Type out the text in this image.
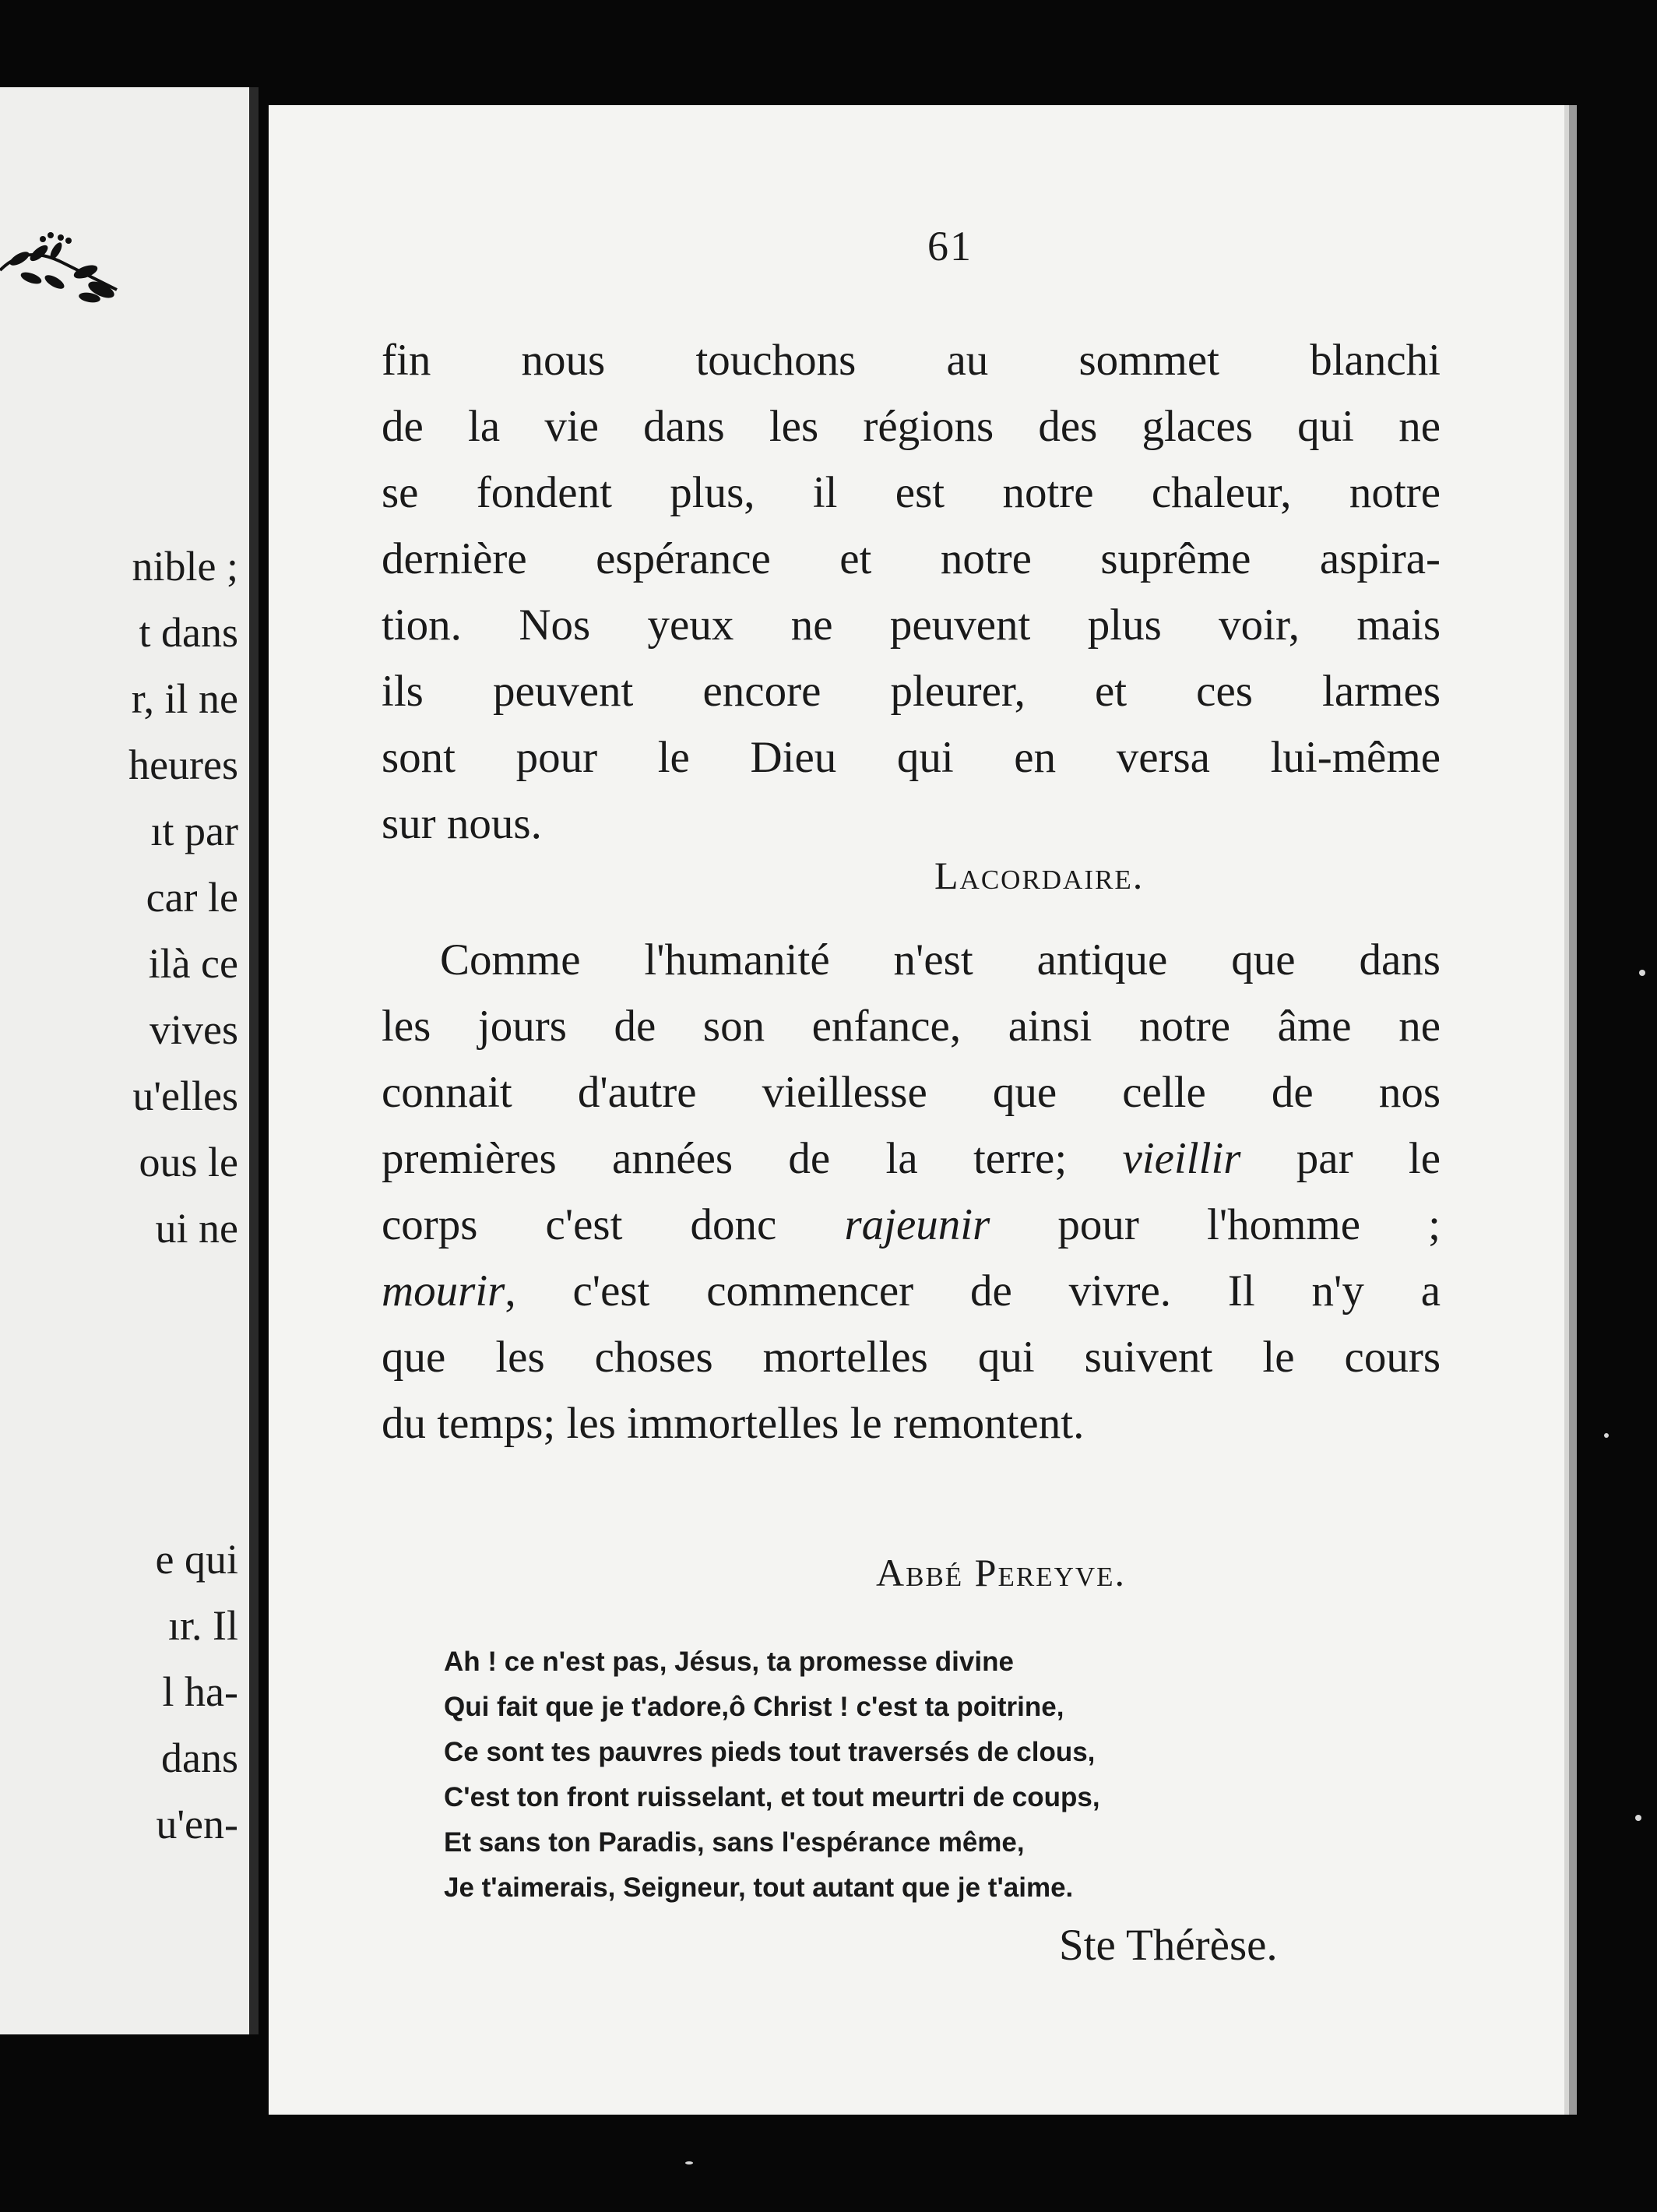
nible ;
t dans
r, il ne
heures
ıt par
car le
ilà ce
vives
u'elles
ous le
ui ne
e qui
ır. Il
l ha-
dans
u'en-
61
fin nous touchons au sommet blanchi
de la vie dans les régions des glaces qui ne
se fondent plus, il est notre chaleur, notre
dernière espérance et notre suprême aspira-
tion. Nos yeux ne peuvent plus voir, mais
ils peuvent encore pleurer, et ces larmes
sont pour le Dieu qui en versa lui-même
sur nous.
Lacordaire.
Comme l'humanité n'est antique que dans
les jours de son enfance, ainsi notre âme ne
connait d'autre vieillesse que celle de nos
premières années de la terre; vieillir par le
corps c'est donc rajeunir pour l'homme ;
mourir, c'est commencer de vivre. Il n'y a
que les choses mortelles qui suivent le cours
du temps; les immortelles le remontent.
Abbé Pereyve.
Ah ! ce n'est pas, Jésus, ta promesse divine
Qui fait que je t'adore,ô Christ ! c'est ta poitrine,
Ce sont tes pauvres pieds tout traversés de clous,
C'est ton front ruisselant, et tout meurtri de coups,
Et sans ton Paradis, sans l'espérance même,
Je t'aimerais, Seigneur, tout autant que je t'aime.
Ste Thérèse.
